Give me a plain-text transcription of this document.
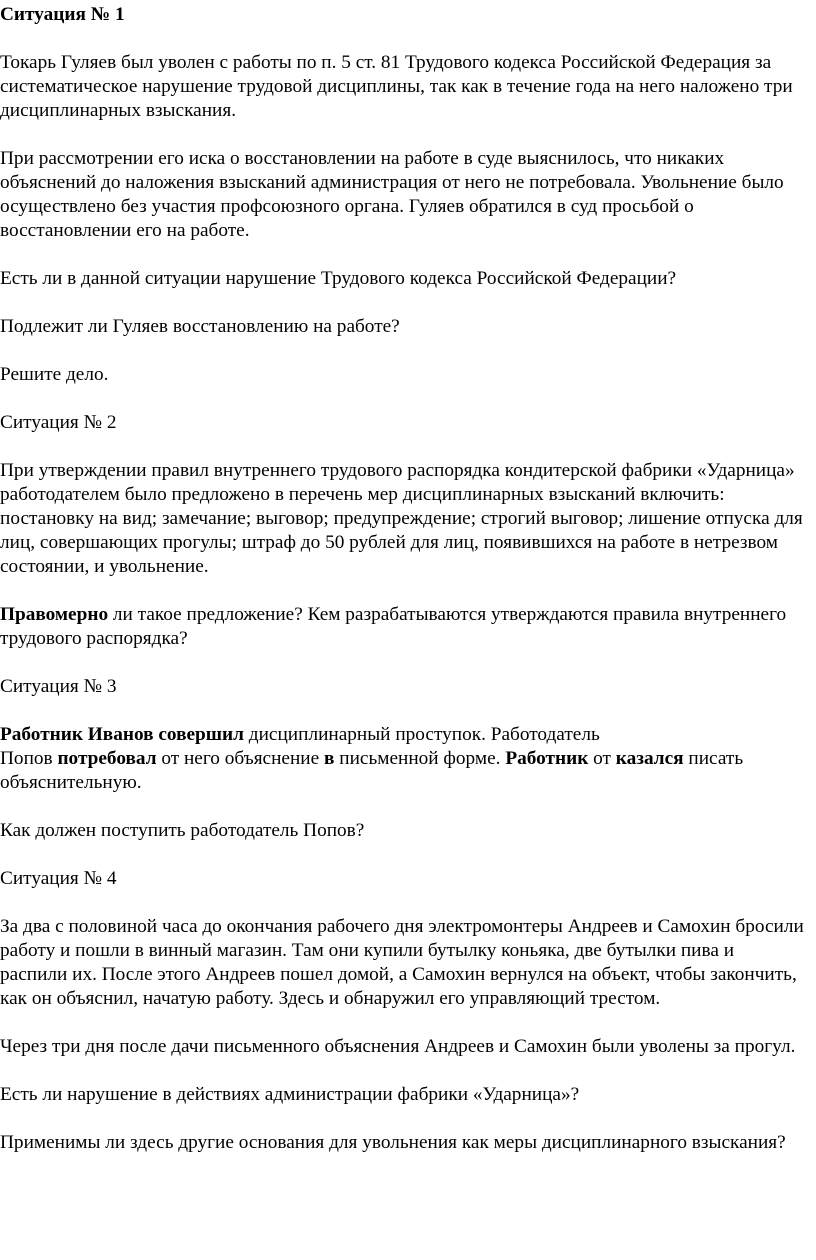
Ситуация № 1

Токарь Гуляев был уволен с работы по п. 5 ст. 81 Трудового кодекса Российской Федерация за систематическое нарушение трудовой дисциплины, так как в течение года на него наложено три дисциплинарных взыскания.

При рассмотрении его иска о восстановлении на работе в суде выяснилось, что никаких объяснений до наложения взысканий администрация от него не потребовала. Увольнение было осуществлено без участия профсоюзного органа. Гуляев обратился в суд просьбой о восстановлении его на работе.

Есть ли в данной ситуации нарушение Трудового кодекса Российской Федерации?

Подлежит ли Гуляев восстановлению на работе?

Решите дело.

Ситуация № 2

При утверждении правил внутреннего трудового распорядка кондитерской фабрики «Ударница» работодателем было предложено в перечень мер дисциплинарных взысканий включить: постановку на вид; замечание; выговор; предупреждение; строгий выговор; лишение отпуска для лиц, совершающих прогулы; штраф до 50 рублей для лиц, появившихся на работе в нетрезвом состоянии, и увольнение.

Правомерно ли такое предложение? Кем разрабатываются утверждаются правила внутреннего трудового распорядка?

Ситуация № 3

Работник Иванов совершил дисциплинарный проступок. Работодатель

Попов потребовал от него объяснение в письменной форме. Работник от казался писать объяснительную.

Как должен поступить работодатель Попов?

Ситуация № 4

За два с половиной часа до окончания рабочего дня электромонтеры Андреев и Самохин бросили работу и пошли в винный магазин. Там они купили бутылку коньяка, две бутылки пива и распили их. После этого Андреев пошел домой, а Самохин вернулся на объект, чтобы закончить, как он объяснил, начатую работу. Здесь и обнаружил его управляющий трестом.

Через три дня после дачи письменного объяснения Андреев и Самохин были уволены за прогул.

Есть ли нарушение в действиях администрации фабрики «Ударница»?

Применимы ли здесь другие основания для увольнения как меры дисциплинарного взыскания?
